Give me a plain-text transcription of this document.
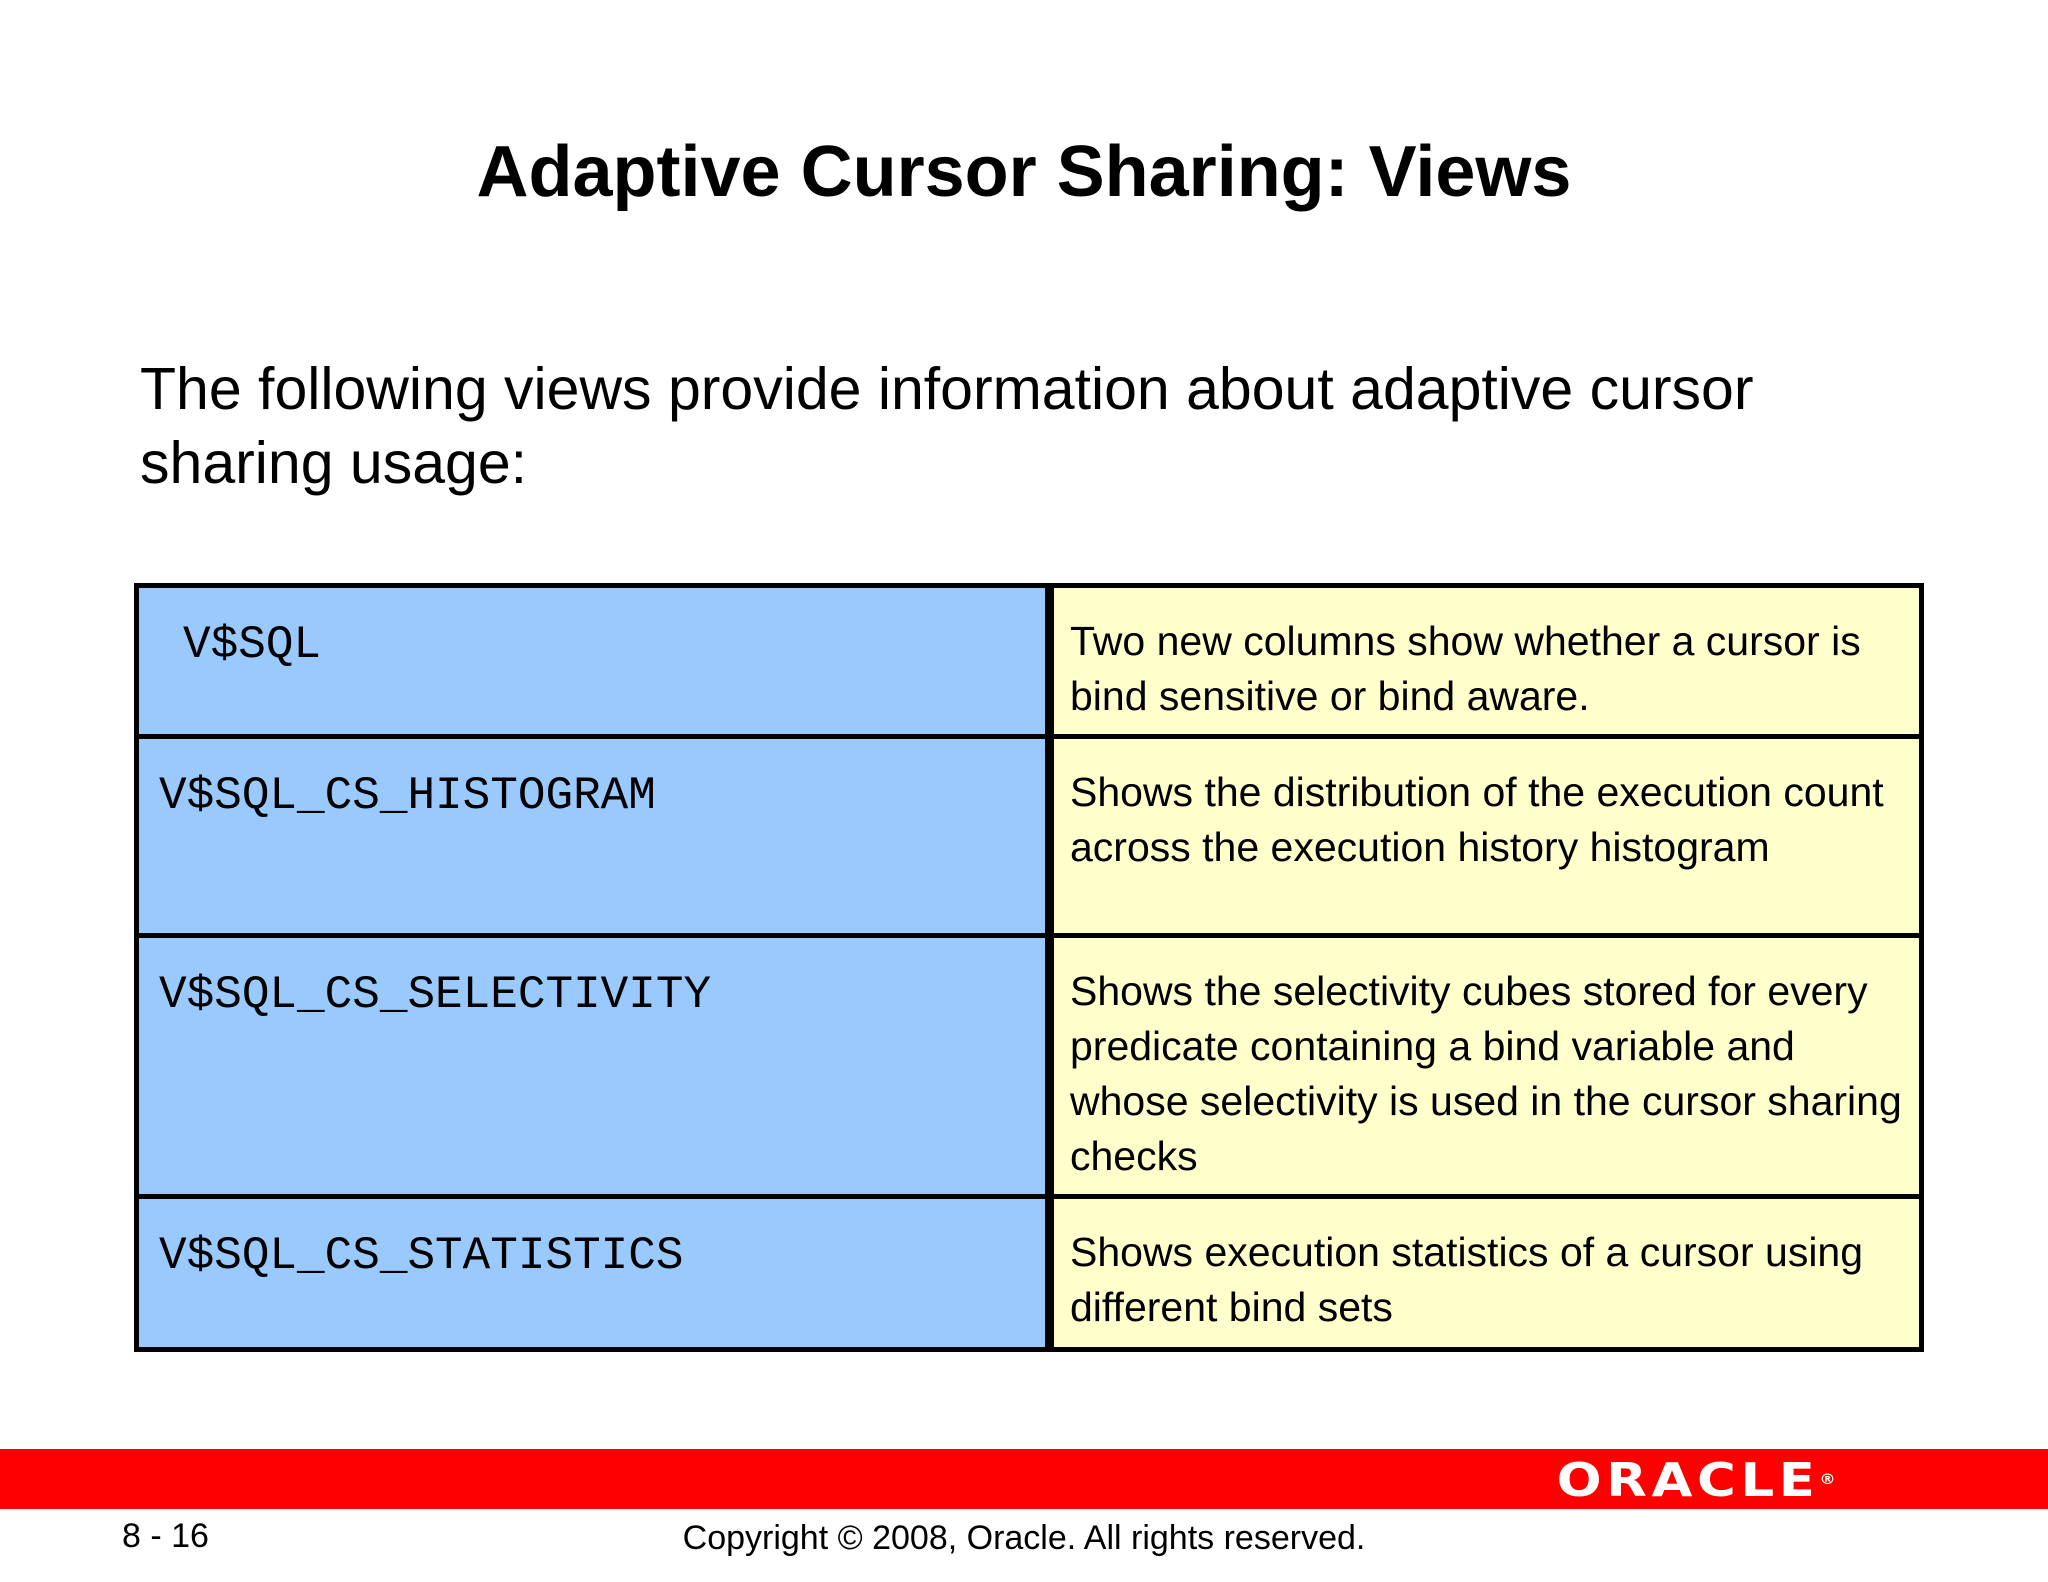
Adaptive Cursor Sharing: Views
The following views provide information about adaptive cursor sharing usage:
V$SQL	Two new columns show whether a cursor is bind sensitive or bind aware.

V$SQL_CS_HISTOGRAM	Shows the distribution of the execution count across the execution history histogram

V$SQL_CS_SELECTIVITY	Shows the selectivity cubes stored for every predicate containing a bind variable and whose selectivity is used in the cursor sharing checks

V$SQL_CS_STATISTICS	Shows execution statistics of a cursor using different bind sets
ORACLE®
8 - 16	Copyright © 2008, Oracle. All rights reserved.
